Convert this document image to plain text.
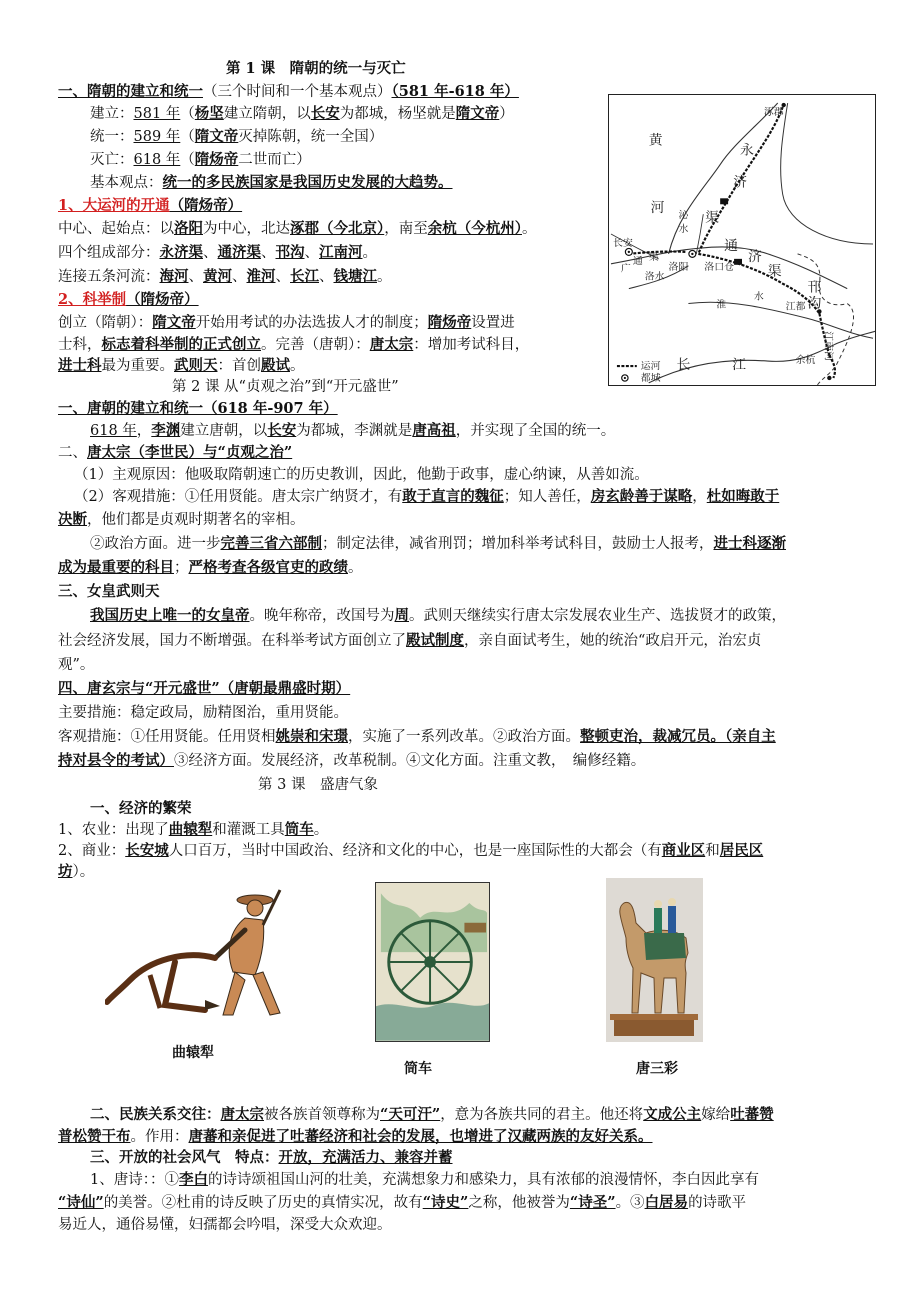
第 1 课　隋朝的统一与灭亡
一、隋朝的建立和统一（三个时间和一个基本观点）（581 年-618 年）
建立：581 年（杨坚建立隋朝，以长安为都城，杨坚就是隋文帝）
统一：589 年（隋文帝灭掉陈朝，统一全国）
灭亡：618 年（隋炀帝二世而亡）
基本观点：统一的多民族国家是我国历史发展的大趋势。
1、大运河的开通（隋炀帝）
中心、起始点：以洛阳为中心，北达涿郡（今北京），南至余杭（今杭州）。
四个组成部分：永济渠、通济渠、邗沟、江南河。
连接五条河流：海河、黄河、淮河、长江、钱塘江。
2、科举制（隋炀帝）
创立（隋朝）：隋文帝开始用考试的办法选拔人才的制度；隋炀帝设置进
士科，标志着科举制的正式创立。完善（唐朝）：唐太宗：增加考试科目，
进士科最为重要。武则天：首创殿试。
涿郡
黄
河
永
济
渠
沁
水
长安
广
通 渠
洛水
洛阳 洛口仓
通
济
渠
淮
水
江都
邗
沟
江南河
长	江	余杭
运河
都城
第 2 课 从“贞观之治”到“开元盛世”
一、唐朝的建立和统一（618 年-907 年）
618 年，李渊建立唐朝，以长安为都城，李渊就是唐高祖，并实现了全国的统一。
二、唐太宗（李世民）与“贞观之治”
（1）主观原因：他吸取隋朝速亡的历史教训，因此，他勤于政事，虚心纳谏，从善如流。
（2）客观措施：①任用贤能。唐太宗广纳贤才，有敢于直言的魏征；知人善任，房玄龄善于谋略，杜如晦敢于
决断，他们都是贞观时期著名的宰相。
②政治方面。进一步完善三省六部制；制定法律，减省刑罚；增加科举考试科目，鼓励士人报考，进士科逐渐
成为最重要的科目；严格考查各级官吏的政绩。
三、女皇武则天
我国历史上唯一的女皇帝。晚年称帝，改国号为周。武则天继续实行唐太宗发展农业生产、选拔贤才的政策，
社会经济发展，国力不断增强。在科举考试方面创立了殿试制度，亲自面试考生，她的统治“政启开元，治宏贞
观”。
四、唐玄宗与“开元盛世”（唐朝最鼎盛时期）
主要措施：稳定政局，励精图治，重用贤能。
客观措施：①任用贤能。任用贤相姚崇和宋璟，实施了一系列改革。②政治方面。整顿吏治，裁减冗员。（亲自主
持对县令的考试）③经济方面。发展经济，改革税制。④文化方面。注重文教，　编修经籍。
第 3 课　盛唐气象
一、经济的繁荣
1、农业：出现了曲辕犁和灌溉工具筒车。
2、商业：长安城人口百万，当时中国政治、经济和文化的中心，也是一座国际性的大都会（有商业区和居民区
坊）。
曲辕犁
筒车	唐三彩
二、民族关系交往：唐太宗被各族首领尊称为“天可汗”，意为各族共同的君主。他还将文成公主嫁给吐蕃赞
普松赞干布。作用：唐蕃和亲促进了吐蕃经济和社会的发展，也增进了汉藏两族的友好关系。
三、开放的社会风气　特点：开放，充满活力、兼容并蓄
1、唐诗：：①李白的诗诗颂祖国山河的壮美，充满想象力和感染力，具有浓郁的浪漫情怀，李白因此享有
“诗仙”的美誉。②杜甫的诗反映了历史的真情实况，故有“诗史”之称，他被誉为“诗圣”。③白居易的诗歌平
易近人，通俗易懂，妇孺都会吟唱，深受大众欢迎。
